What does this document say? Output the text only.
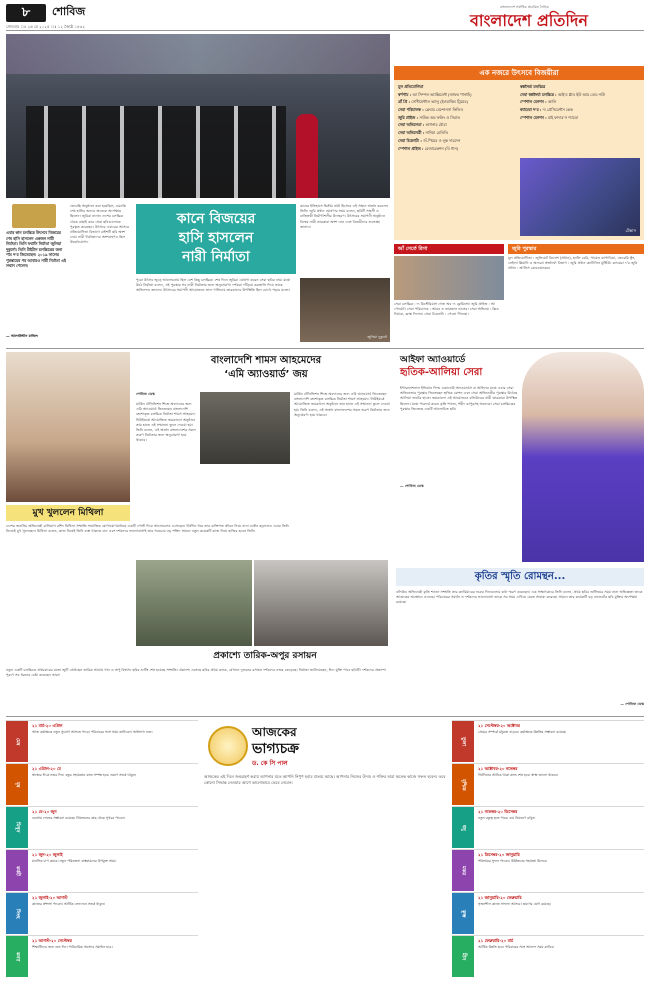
৮	শোবিজ
সোমবার ঃ ২৬ মে ২০২৫ ঃ ১২ জ্যৈষ্ঠ ১৪৩২
বাংলাদেশে সর্বাধিক প্রচারিত দৈনিক
বাংলাদেশ প্রতিদিন
এক নজরে উৎসবে বিজয়ীরা
মূল প্রতিযোগিতা
স্বর্ণপাম : আ সিম্পল অ্যাক্সিডেন্ট (জাফর পানাহি)
গ্রাঁ প্রি : সেন্টিমেন্টাল ভ্যালু (ইওয়াকিম ট্রিয়ের)
সেরা পরিচালক : ক্লেবার মেন্দোনসা ফিলিও
জুরি প্রাইজ : সাউন্ড অব ফলিং ও সিরাত
সেরা অভিনেতা : ভাগনার মৌরা
সেরা অভিনেত্রী : নাদিয়া মেলিতি
সেরা চিত্রনাট্য : জঁ-পিয়ের ও লুক দারদেন
স্পেশাল প্রাইজ : রেজারেকশন (বি গান)
স্বল্পদৈর্ঘ্য চলচ্চিত্র
সেরা স্বল্পদৈর্ঘ্য চলচ্চিত্র : আই’ম গ্লাড ইউ আর ডেড নাউ
স্পেশাল মেনশন : আলি
ক্যামেরা দ’র : দ্য প্রেসিডেন্টস কেক
স্পেশাল মেনশন : মাই ফাদার’স শ্যাডো
টেক্সাস
এবার কান চলচ্চিত্র উৎসবে বিজয়ের শেষ হাসি হাসলেন একজন নারী নির্মাতা। তিনি ফরাসি নির্মাতা জুলিয়া দুকুর্নো। তিনি টাইটান চলচ্চিত্রের জন্য পাম দ’র জিতেছেন। ২০১৯ সালের পুরস্কারের পর আবারও নারী নির্মাতা এই সম্মান পেলেন।
— আলাউদ্দীন মাজিদ
ভেবেছি অনুষ্ঠানে করা হয়েছিল, এমনকি শেষ হাসির জন্যও অনেকে অপেক্ষায় ছিলেন। জুরিরা নানান দেশের চলচ্চিত্র থেকে বাছাই করে সেরা ছবিগুলোকে পুরস্কৃত করেছেন। উৎসবে এবারের আসরে প্রতিযোগিতা বিভাগে বাইশটি ছবি অংশ নেয়। নারী নির্মাতাদের অংশগ্রহণও ছিল উল্লেখযোগ্য।
কানে বিজয়ের
হাসি হাসলেন
নারী নির্মাতা
পুরো উৎসব জুড়ে আলোচনায় ছিল বেশ কিছু চলচ্চিত্র। শেষ দিনে জুরিরা ঘোষণা করেন সেরা ছবির নাম। মঞ্চে উঠে নির্মাতা বলেন, এই পুরস্কার সব নারী নির্মাতার জন্য অনুপ্রেরণা। দর্শকরা দাঁড়িয়ে করতালি দিয়ে তাকে অভিনন্দন জানান। উৎসবের সমাপনী আয়োজনে লাল গালিচায় তারকাদের উপস্থিতি ছিল চোখে পড়ার মতো।
কানের ইতিহাসে দ্বিতীয় নারী হিসেবে এই সম্মান অর্জন করলেন তিনি। জুরি প্রধান ঘোষণার সময় বলেন, ছবিটি সাহসী ও ব্যতিক্রমী নির্মাণশৈলীর উদাহরণ। উৎসবের সমাপনী অনুষ্ঠানে বিশ্বের নামী তারকারা অংশ নেন এবং বিজয়ীদের শুভেচ্ছা জানান।
জুলিয়া দুকুর্নো
আঁ সের্তে রিগা
সেরা চলচ্চিত্র : দ্য মিস্টেরিয়াস গেজ অব দ্য ফ্লেমিঙ্গো। জুরি প্রাইজ : আ পোয়েট। সেরা পরিচালক : আরব ও তারজান নাসের। সেরা অভিনয় : ক্লিও দিয়ারা, ফ্রাঙ্ক দিলান। সেরা চিত্রনাট্য : পেদ্রো পিনহো।
জুরি পুরস্কার
মূল প্রতিযোগিতা : জুলিয়েট বিনোশ (প্রধান), হ্যালি বেরি, পায়েল কাপাডিয়া, জেরেমি স্ট্রং, লেইলা স্লিমানি ও অন্যরা। স্বল্পদৈর্ঘ্য বিভাগ : জুরি প্রধান ক্যাটালিন মুঞ্জিউ। ক্যামেরা দ’র জুরি প্রধান : আলিস রোরওয়াকের।
মুখ খুললেন মিথিলা
দেশের জনপ্রিয় অভিনেত্রী রাফিয়াথ রশিদ মিথিলা সম্প্রতি সামাজিক যোগাযোগমাধ্যমে একটি পোস্ট দিয়ে আলোচনায় এসেছেন। দীর্ঘদিন ধরে তার ব্যক্তিগত জীবন নিয়ে নানা গুঞ্জন ছড়ালেও এবার তিনি নিজেই মুখ খুলেছেন। মিথিলা বলেন, কাজ নিয়েই তিনি ব্যস্ত থাকতে চান এবং দর্শকদের ভালোবাসাই তার সবচেয়ে বড় শক্তি। সামনে নতুন কয়েকটি কাজ নিয়ে হাজির হবেন তিনি।
বাংলাদেশি শামস আহমেদের
‘এমি অ্যাওয়ার্ড’ জয়
শোবিজ ডেস্ক
মার্কিন টেলিভিশন শিল্পে অবদানের জন্য এমি অ্যাওয়ার্ড জিতেছেন বাংলাদেশি বংশোদ্ভূত চলচ্চিত্র নির্মাতা শামস আহমেদ। নিউইয়র্কে আয়োজিত জমকালো অনুষ্ঠানে তার হাতে এই সম্মাননা তুলে দেওয়া হয়। তিনি বলেন, এই অর্জন বাংলাদেশের সকল তরুণ নির্মাতার জন্য অনুপ্রেরণা হয়ে থাকবে।
মার্কিন টেলিভিশন শিল্পে অবদানের জন্য এমি অ্যাওয়ার্ড জিতেছেন বাংলাদেশি বংশোদ্ভূত চলচ্চিত্র নির্মাতা শামস আহমেদ। নিউইয়র্কে আয়োজিত জমকালো অনুষ্ঠানে তার হাতে এই সম্মাননা তুলে দেওয়া হয়। তিনি বলেন, এই অর্জন বাংলাদেশের সকল তরুণ নির্মাতার জন্য অনুপ্রেরণা হয়ে থাকবে।
আইফা অ্যাওয়ার্ডে
হৃতিক-আলিয়া সেরা
ইন্টারন্যাশনাল ইন্ডিয়ান ফিল্ম একাডেমি অ্যাওয়ার্ডস বা আইফার মঞ্চে এবার সেরা অভিনেতার পুরস্কার জিতেছেন হৃতিক রোশন এবং সেরা অভিনেত্রীর পুরস্কার উঠেছে আলিয়া ভাটের হাতে। জমকালো এই আয়োজনে বলিউডের নামী তারকারা উপস্থিত ছিলেন। মঞ্চে পারফর্ম করেন কৃতি শ্যানন, শহীদ কাপুরসহ অনেকে। সেরা চলচ্চিত্রের পুরস্কার জিতেছে একটি আলোচিত ছবি।
— শোবিজ ডেস্ক
প্রকাশ্যে তারিক-অপুর রসায়ন
নতুন একটি চলচ্চিত্রে প্রথমবারের মতো জুটি বেঁধেছেন তারিক আনাম খান ও অপু বিশ্বাস। ছবির শুটিং শেষ হয়েছে সম্প্রতি। প্রকাশ্যে এসেছে ছবির প্রথম ঝলক, যেখানে দুজনের রসায়ন দর্শকদের নজর কেড়েছে। নির্মাতা জানিয়েছেন, ঈদে মুক্তি পাবে ছবিটি। দর্শকদের প্রত্যাশা পূরণে সব ধরনের চেষ্টা করেছেন তারা।
কৃতির স্মৃতি রোমন্থন...
বলিউড অভিনেত্রী কৃতি শ্যানন সম্প্রতি তার ক্যারিয়ারের শুরুর দিনগুলোর কথা স্মরণ করেছেন। এক সাক্ষাৎকারে তিনি বলেন, প্রথম ছবির শুটিংয়ের সময় নানা অভিজ্ঞতা তাকে আজকের অবস্থানে এনেছে। পরিবারের সমর্থন ও দর্শকদের ভালোবাসা তাকে সব সময় এগিয়ে যেতে সাহায্য করেছে। সামনে তার কয়েকটি বড় বাজেটের ছবি মুক্তির অপেক্ষায় রয়েছে।
— শোবিজ ডেস্ক
মেষ
২১ মার্চ-২০ এপ্রিল
আজ কর্মক্ষেত্রে নতুন সুযোগ আসতে পারে। পরিবারের সঙ্গে সময় কাটাবেন। অর্থভাগ্য শুভ।
বৃষ
২১ এপ্রিল-২০ মে
স্বাস্থ্যের দিকে নজর দিন। বন্ধুর সহায়তায় কাজ সম্পন্ন হবে। ভ্রমণে সতর্ক থাকুন।
মিথুন
২১ মে-২০ জুন
ব্যবসায় লাভের সম্ভাবনা রয়েছে। প্রিয়জনের কাছ থেকে সুখবর পাবেন।
কর্কট
২১ জুন-২০ জুলাই
মানসিক চাপ কমবে। নতুন পরিকল্পনা বাস্তবায়নের উপযুক্ত সময়।
সিংহ
২১ জুলাই-২০ আগস্ট
কাজের প্রশংসা পাবেন। আর্থিক লেনদেনে সতর্ক থাকুন।
কন্যা
২১ আগস্ট-২০ সেপ্টেম্বর
শিক্ষার্থীদের জন্য শুভ দিন। পারিবারিক সমস্যার সমাধান হবে।
আজকের
ভাগ্যচক্র
ড. কে সি পাল
আজকের এই দিনে জন্মগ্রহণ করায় আপনার মতে আপনি নিপুণ হবার প্রত্যয় আছে। আপনার নিজের উদ্যম ও শক্তির দ্বারা অনেক কাজে সফল হবেন। তবে কোনো সিদ্ধান্ত নেওয়ার আগে ভালোভাবে ভেবে নেবেন।
তুলা
২১ সেপ্টেম্বর-২০ অক্টোবর
প্রেমের সম্পর্কে মধুরতা বাড়বে। কর্মক্ষেত্রে উন্নতির সম্ভাবনা রয়েছে।
বৃশ্চিক
২১ অক্টোবর-২০ নভেম্বর
দীর্ঘদিনের আটকে থাকা কাজ শেষ হবে। স্বাস্থ্য ভালো থাকবে।
ধনু
২১ নভেম্বর-২০ ডিসেম্বর
নতুন বন্ধুত্ব হতে পারে। ব্যয় নিয়ন্ত্রণে রাখুন।
মকর
২১ ডিসেম্বর-২০ জানুয়ারি
পরিশ্রমের সুফল পাবেন। উর্ধ্বতনের সহায়তা মিলবে।
কুম্ভ
২১ জানুয়ারি-২০ ফেব্রুয়ারি
সৃজনশীল কাজে সাফল্য আসবে। ভ্রমণের যোগ রয়েছে।
মীন
২১ ফেব্রুয়ারি-২০ মার্চ
আর্থিক উন্নতি হবে। পরিবারের সঙ্গে আনন্দে সময় কাটবে।
